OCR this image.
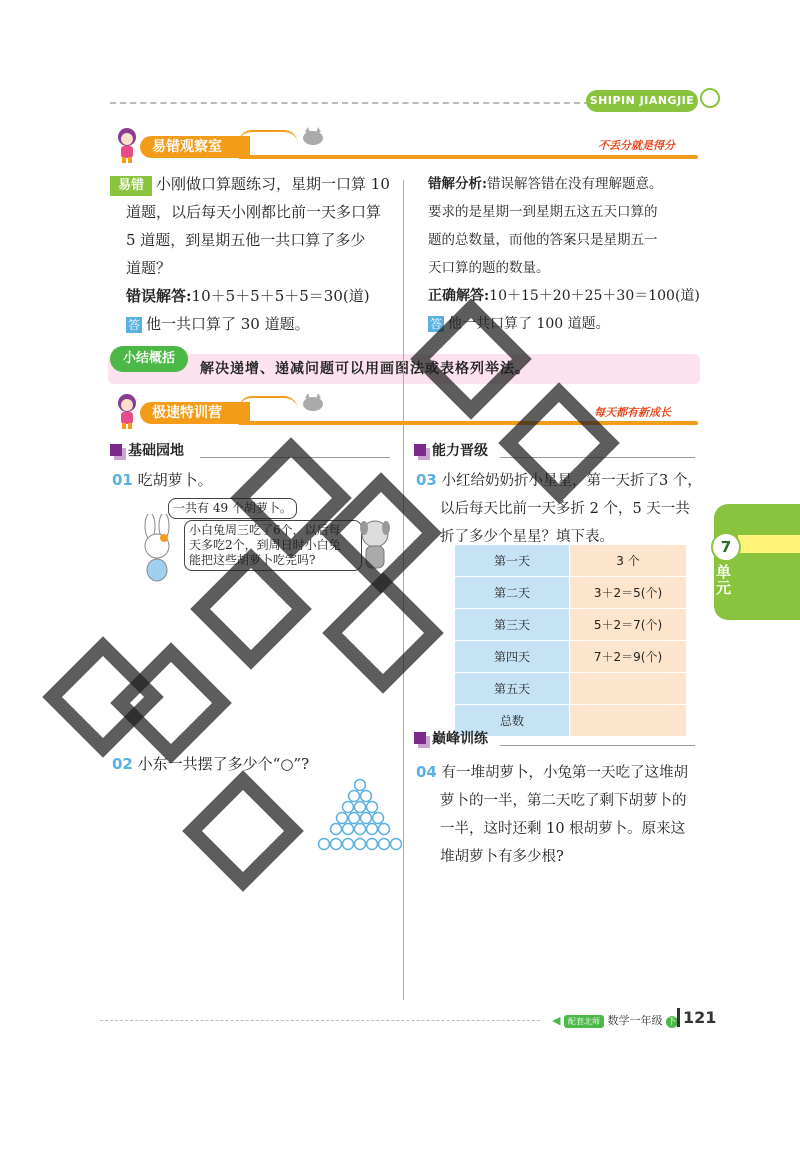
SHIPIN JIANGJIE
易错观察室	不丢分就是得分
易错 小刚做口算题练习，星期一口算 10
道题，以后每天小刚都比前一天多口算
5 道题，到星期五他一共口算了多少
道题？
错误解答:10＋5＋5＋5＋5＝30(道)
答 他一共口算了 30 道题。
错解分析:错误解答错在没有理解题意。
要求的是星期一到星期五这五天口算的
题的总数量，而他的答案只是星期五一
天口算的题的数量。
正确解答:10＋15＋20＋25＋30＝100(道)
答 他一共口算了 100 道题。
小结概括
解决递增、递减问题可以用画图法或表格列举法。
极速特训营	每天都有新成长
基础园地	能力晋级
01 吃胡萝卜。
一共有 49 个胡萝卜。
小白兔周三吃了6个，以后每
天多吃2个，到周日时小白兔
能把这些胡萝卜吃完吗?
02 小东一共摆了多少个“○”?
03 小红给奶奶折小星星，第一天折了3 个，
以后每天比前一天多折 2 个，5 天一共
折了多少个星星？填下表。
第一天	3 个
第二天	3＋2＝5(个)
第三天	5＋2＝7(个)
第四天	7＋2＝9(个)
第五天	
总数	
巅峰训练
04 有一堆胡萝卜，小兔第一天吃了这堆胡
萝卜的一半，第二天吃了剩下胡萝卜的
一半，这时还剩 10 根胡萝卜。原来这
堆胡萝卜有多少根?
7
单元
◀ 配套北师 数学一年级 下 121
